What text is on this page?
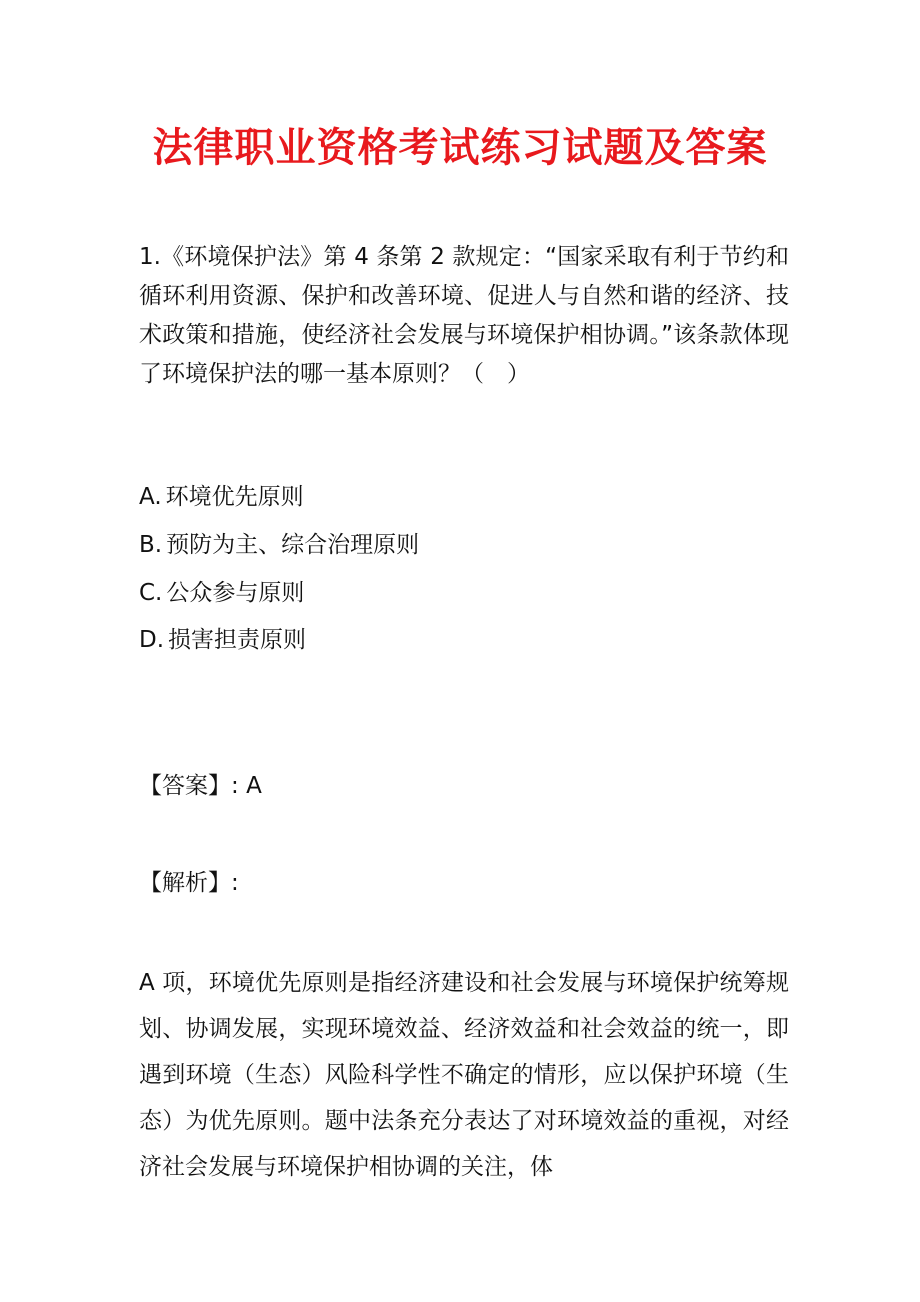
法律职业资格考试练习试题及答案
1.《环境保护法》第 4 条第 2 款规定：“国家采取有利于节约和循环利用资源、保护和改善环境、促进人与自然和谐的经济、技术政策和措施，使经济社会发展与环境保护相协调。”该条款体现了环境保护法的哪一基本原则？（　）
A. 环境优先原则
B. 预防为主、综合治理原则
C. 公众参与原则
D. 损害担责原则
【答案】: A
【解析】:
A 项，环境优先原则是指经济建设和社会发展与环境保护统筹规划、协调发展，实现环境效益、经济效益和社会效益的统一，即遇到环境（生态）风险科学性不确定的情形，应以保护环境（生态）为优先原则。题中法条充分表达了对环境效益的重视，对经济社会发展与环境保护相协调的关注，体
